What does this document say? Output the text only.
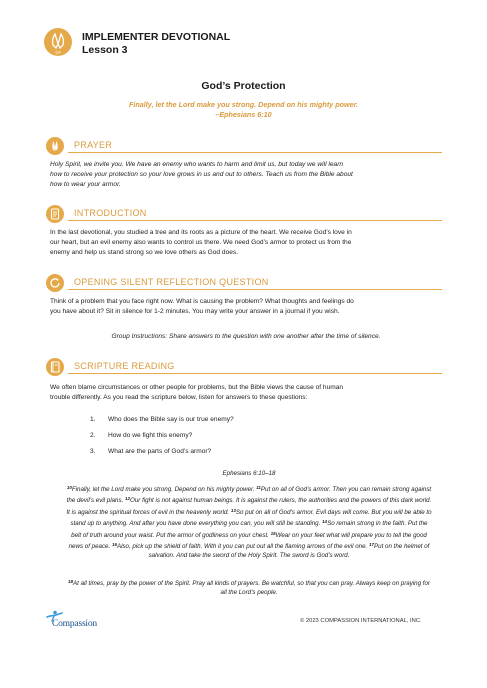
Q4
IMPLEMENTER DEVOTIONAL
Lesson 3
God’s Protection
Finally, let the Lord make you strong. Depend on his mighty power.
–Ephesians 6:10
PRAYER
Holy Spirit, we invite you. We have an enemy who wants to harm and limit us, but today we will learn
how to receive your protection so your love grows in us and out to others. Teach us from the Bible about
how to wear your armor.
INTRODUCTION
In the last devotional, you studied a tree and its roots as a picture of the heart. We receive God’s love in
our heart, but an evil enemy also wants to control us there. We need God’s armor to protect us from the
enemy and help us stand strong so we love others as God does.
OPENING SILENT REFLECTION QUESTION
Think of a problem that you face right now. What is causing the problem? What thoughts and feelings do
you have about it? Sit in silence for 1-2 minutes. You may write your answer in a journal if you wish.
Group Instructions: Share answers to the question with one another after the time of silence.
SCRIPTURE READING
We often blame circumstances or other people for problems, but the Bible views the cause of human
trouble differently. As you read the scripture below, listen for answers to these questions:
1.	Who does the Bible say is our true enemy?
2.	How do we fight this enemy?
3.	What are the parts of God’s armor?
Ephesians 6:10–18
$^{10}$Finally, let the Lord make you strong. Depend on his mighty power. $^{11}$Put on all of God’s armor. Then you can remain strong against the devil’s evil plans. $^{12}$Our fight is not against human beings. It is against the rulers, the authorities and the powers of this dark world. It is against the spiritual forces of evil in the heavenly world. $^{13}$So put on all of God’s armor. Evil days will come. But you will be able to stand up to anything. And after you have done everything you can, you will still be standing. $^{14}$So remain strong in the faith. Put the belt of truth around your waist. Put the armor of godliness on your chest. $^{15}$Wear on your feet what will prepare you to tell the good news of peace. $^{16}$Also, pick up the shield of faith. With it you can put out all the flaming arrows of the evil one. $^{17}$Put on the helmet of salvation. And take the sword of the Holy Spirit. The sword is God’s word.
$^{18}$At all times, pray by the power of the Spirit. Pray all kinds of prayers. Be watchful, so that you can pray. Always keep on praying for all the Lord’s people.
Compassion	© 2023 COMPASSION INTERNATIONAL, INC.
